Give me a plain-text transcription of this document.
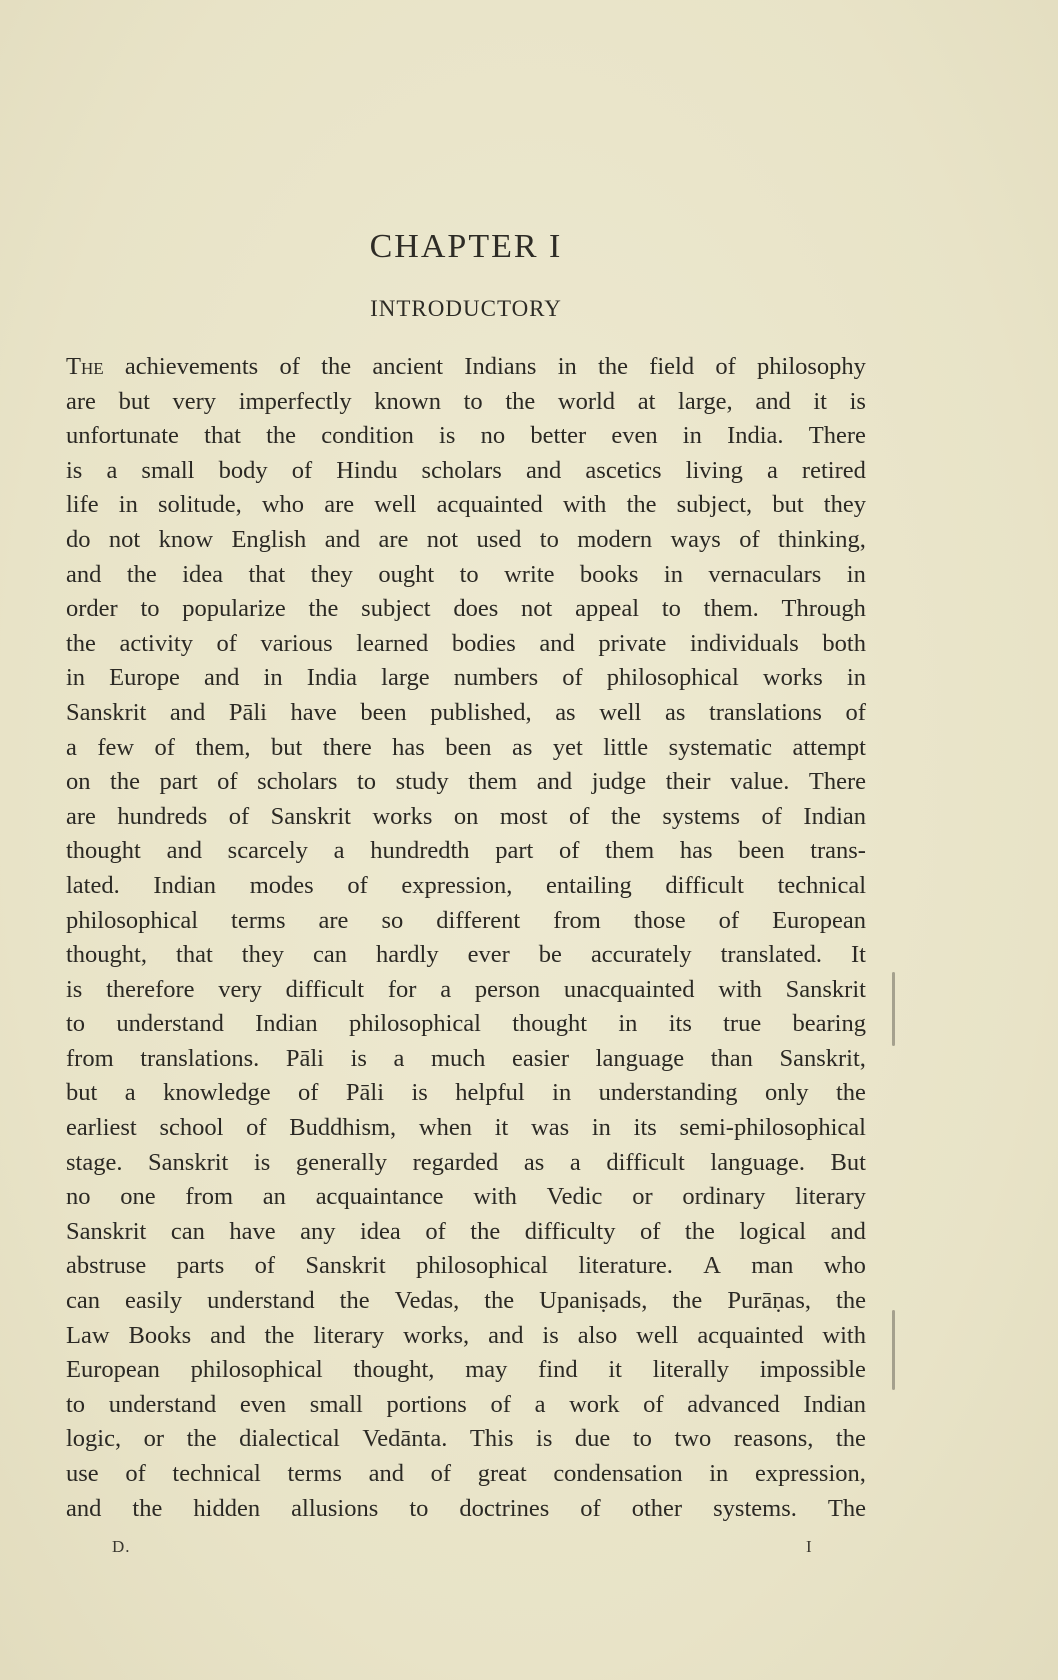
CHAPTER I
INTRODUCTORY
The achievements of the ancient Indians in the field of philosophy
are but very imperfectly known to the world at large, and it is
unfortunate that the condition is no better even in India. There
is a small body of Hindu scholars and ascetics living a retired
life in solitude, who are well acquainted with the subject, but they
do not know English and are not used to modern ways of thinking,
and the idea that they ought to write books in vernaculars in
order to popularize the subject does not appeal to them. Through
the activity of various learned bodies and private individuals both
in Europe and in India large numbers of philosophical works in
Sanskrit and Pāli have been published, as well as translations of
a few of them, but there has been as yet little systematic attempt
on the part of scholars to study them and judge their value. There
are hundreds of Sanskrit works on most of the systems of Indian
thought and scarcely a hundredth part of them has been trans-
lated. Indian modes of expression, entailing difficult technical
philosophical terms are so different from those of European
thought, that they can hardly ever be accurately translated. It
is therefore very difficult for a person unacquainted with Sanskrit
to understand Indian philosophical thought in its true bearing
from translations. Pāli is a much easier language than Sanskrit,
but a knowledge of Pāli is helpful in understanding only the
earliest school of Buddhism, when it was in its semi-philosophical
stage. Sanskrit is generally regarded as a difficult language. But
no one from an acquaintance with Vedic or ordinary literary
Sanskrit can have any idea of the difficulty of the logical and
abstruse parts of Sanskrit philosophical literature. A man who
can easily understand the Vedas, the Upaniṣads, the Purāṇas, the
Law Books and the literary works, and is also well acquainted with
European philosophical thought, may find it literally impossible
to understand even small portions of a work of advanced Indian
logic, or the dialectical Vedānta. This is due to two reasons, the
use of technical terms and of great condensation in expression,
and the hidden allusions to doctrines of other systems. The
D.	I
